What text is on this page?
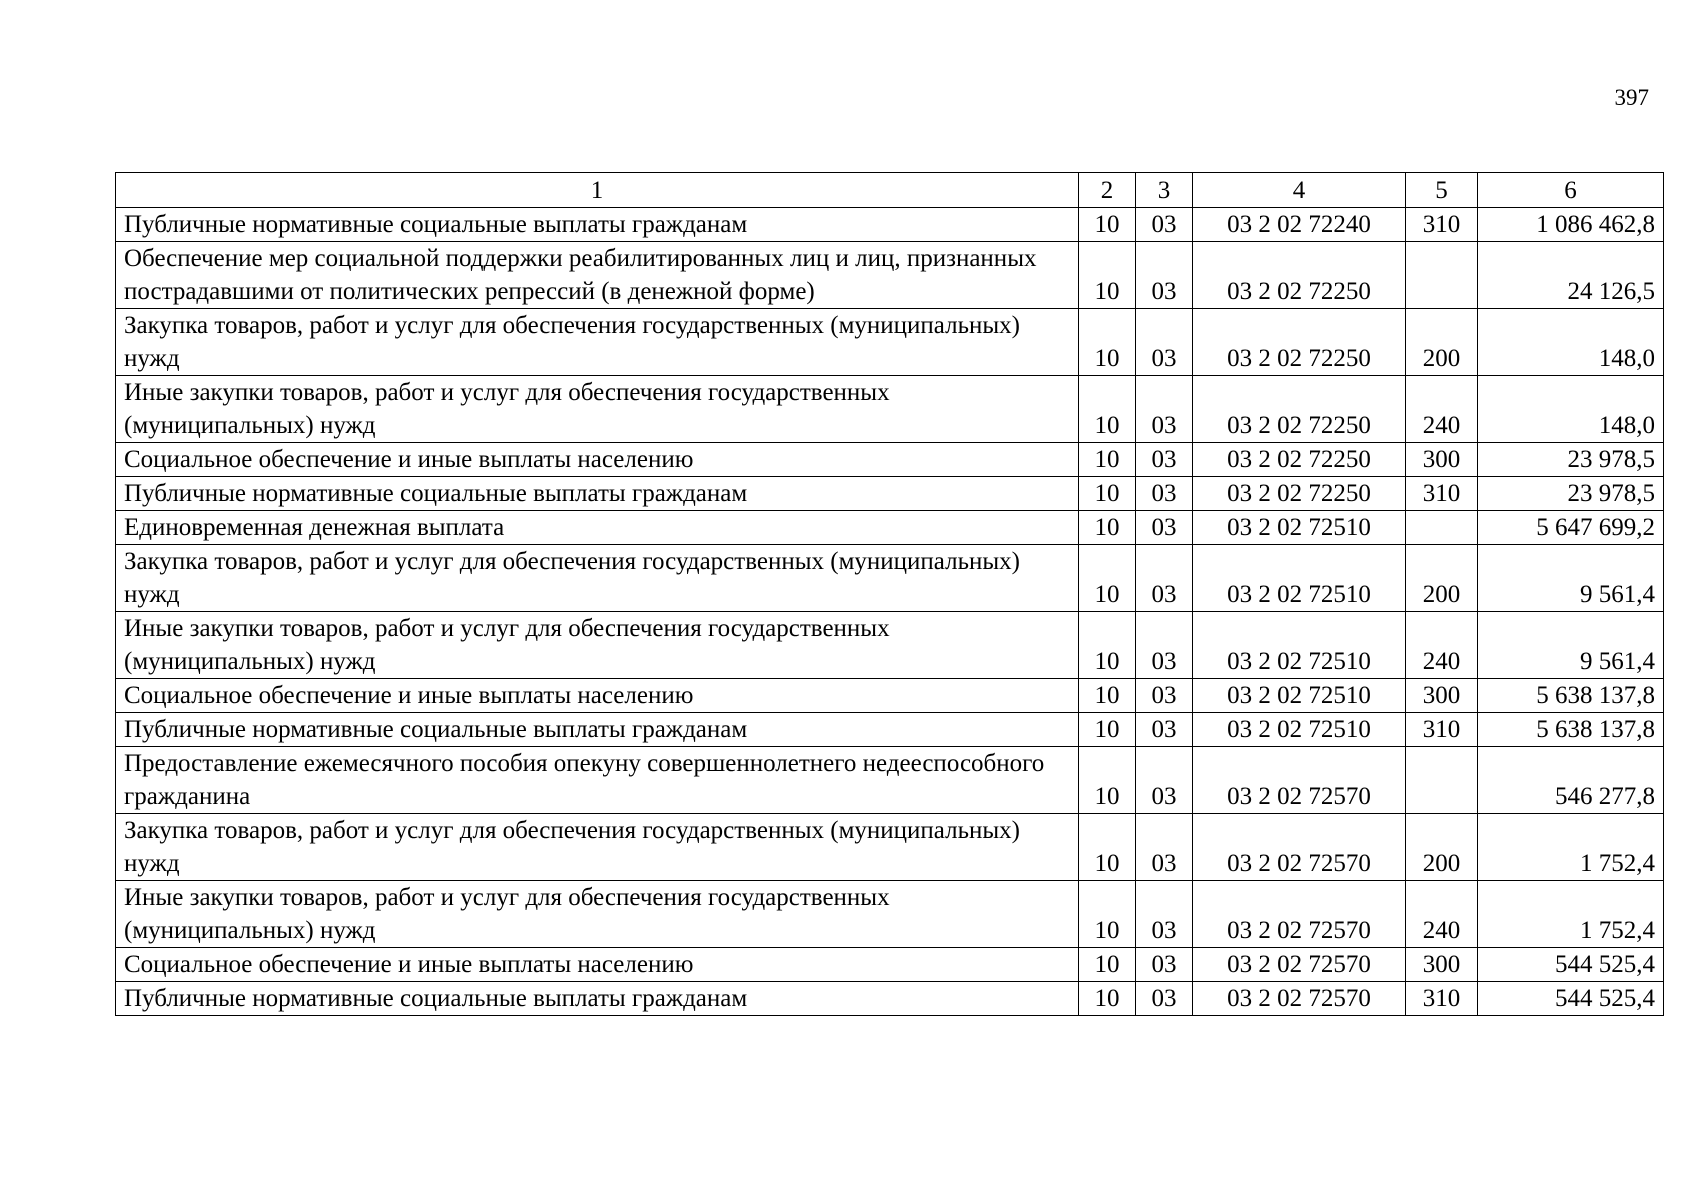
397
1	2	3	4	5	6
Публичные нормативные социальные выплаты гражданам	10	03	03 2 02 72240	310	1 086 462,8
Обеспечение мер социальной поддержки реабилитированных лиц и лиц, признанных пострадавшими от политических репрессий (в денежной форме)	10	03	03 2 02 72250		24 126,5
Закупка товаров, работ и услуг для обеспечения государственных (муниципальных) нужд	10	03	03 2 02 72250	200	148,0
Иные закупки товаров, работ и услуг для обеспечения государственных (муниципальных) нужд	10	03	03 2 02 72250	240	148,0
Социальное обеспечение и иные выплаты населению	10	03	03 2 02 72250	300	23 978,5
Публичные нормативные социальные выплаты гражданам	10	03	03 2 02 72250	310	23 978,5
Единовременная денежная выплата	10	03	03 2 02 72510		5 647 699,2
Закупка товаров, работ и услуг для обеспечения государственных (муниципальных) нужд	10	03	03 2 02 72510	200	9 561,4
Иные закупки товаров, работ и услуг для обеспечения государственных (муниципальных) нужд	10	03	03 2 02 72510	240	9 561,4
Социальное обеспечение и иные выплаты населению	10	03	03 2 02 72510	300	5 638 137,8
Публичные нормативные социальные выплаты гражданам	10	03	03 2 02 72510	310	5 638 137,8
Предоставление ежемесячного пособия опекуну совершеннолетнего недееспособного гражданина	10	03	03 2 02 72570		546 277,8
Закупка товаров, работ и услуг для обеспечения государственных (муниципальных) нужд	10	03	03 2 02 72570	200	1 752,4
Иные закупки товаров, работ и услуг для обеспечения государственных (муниципальных) нужд	10	03	03 2 02 72570	240	1 752,4
Социальное обеспечение и иные выплаты населению	10	03	03 2 02 72570	300	544 525,4
Публичные нормативные социальные выплаты гражданам	10	03	03 2 02 72570	310	544 525,4
